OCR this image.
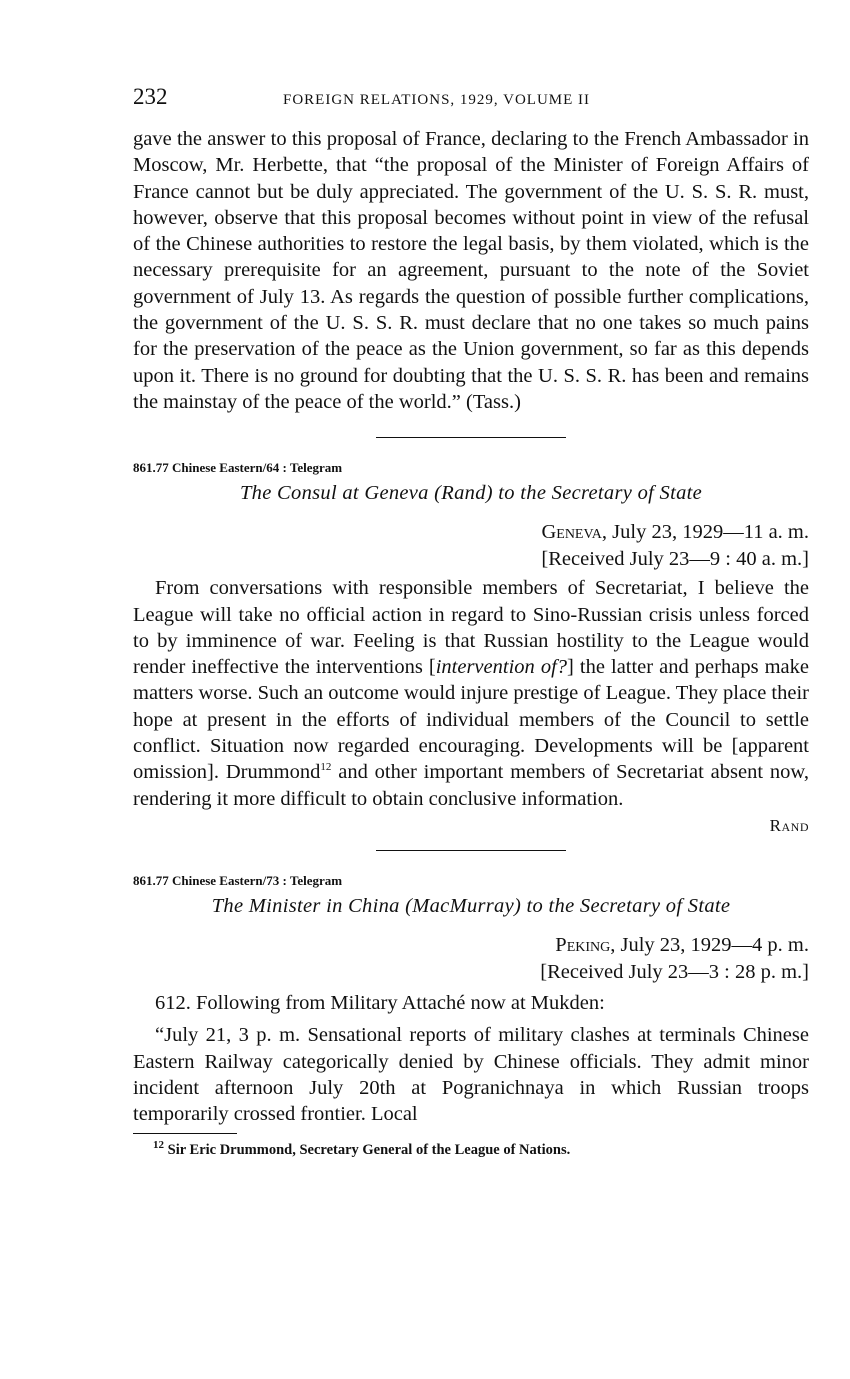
232	FOREIGN RELATIONS, 1929, VOLUME II

gave the answer to this proposal of France, declaring to the French Ambassador in Moscow, Mr. Herbette, that “the proposal of the Minister of Foreign Affairs of France cannot but be duly appreciated. The government of the U. S. S. R. must, however, observe that this proposal becomes without point in view of the refusal of the Chinese authorities to restore the legal basis, by them violated, which is the necessary prerequisite for an agreement, pursuant to the note of the Soviet government of July 13. As regards the question of possible further complications, the government of the U. S. S. R. must declare that no one takes so much pains for the preservation of the peace as the Union government, so far as this depends upon it. There is no ground for doubting that the U. S. S. R. has been and remains the mainstay of the peace of the world.” (Tass.)

861.77 Chinese Eastern/64 : Telegram
The Consul at Geneva (Rand) to the Secretary of State
Geneva, July 23, 1929—11 a. m.
[Received July 23—9 : 40 a. m.]

From conversations with responsible members of Secretariat, I believe the League will take no official action in regard to Sino-Russian crisis unless forced to by imminence of war. Feeling is that Russian hostility to the League would render ineffective the interventions [intervention of?] the latter and perhaps make matters worse. Such an outcome would injure prestige of League. They place their hope at present in the efforts of individual members of the Council to settle conflict. Situation now regarded encouraging. Developments will be [apparent omission]. Drummond$^{12}$ and other important members of Secretariat absent now, rendering it more difficult to obtain conclusive information.

Rand
861.77 Chinese Eastern/73 : Telegram
The Minister in China (MacMurray) to the Secretary of State
Peking, July 23, 1929—4 p. m.
[Received July 23—3 : 28 p. m.]

612. Following from Military Attaché now at Mukden:

“July 21, 3 p. m. Sensational reports of military clashes at terminals Chinese Eastern Railway categorically denied by Chinese officials. They admit minor incident afternoon July 20th at Pogranichnaya in which Russian troops temporarily crossed frontier. Local

$^{12}$ Sir Eric Drummond, Secretary General of the League of Nations.
